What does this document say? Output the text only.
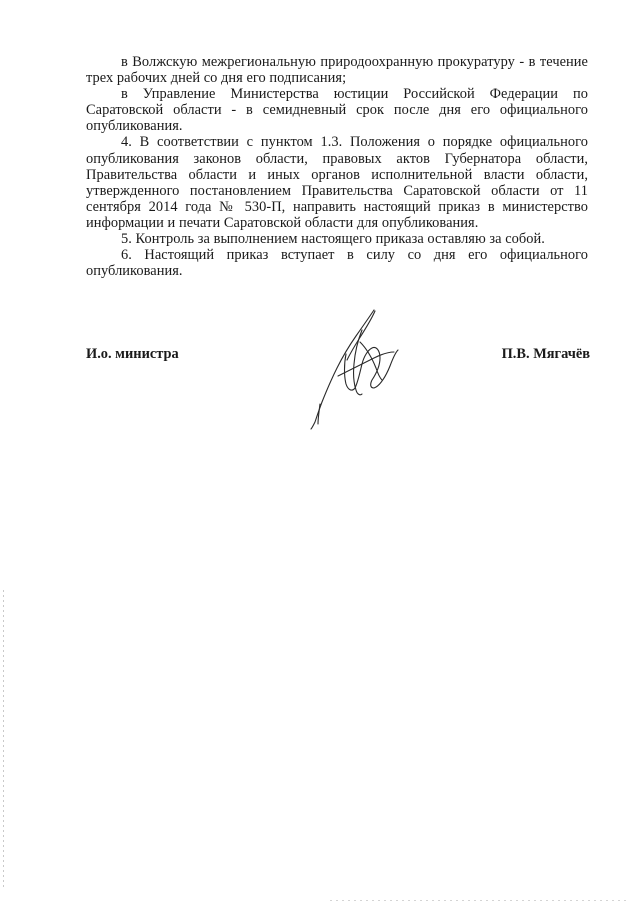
в Волжскую межрегиональную природоохранную прокуратуру - в течение трех рабочих дней со дня его подписания;

в Управление Министерства юстиции Российской Федерации по Саратовской области - в семидневный срок после дня его официального опубликования.

4. В соответствии с пунктом 1.3. Положения о порядке официального опубликования законов области, правовых актов Губернатора области, Правительства области и иных органов исполнительной власти области, утвержденного постановлением Правительства Саратовской области от 11 сентября 2014 года № 530-П, направить настоящий приказ в министерство информации и печати Саратовской области для опубликования.

5. Контроль за выполнением настоящего приказа оставляю за собой.

6. Настоящий приказ вступает в силу со дня его официального опубликования.

И.о. министра	П.В. Мягачёв
